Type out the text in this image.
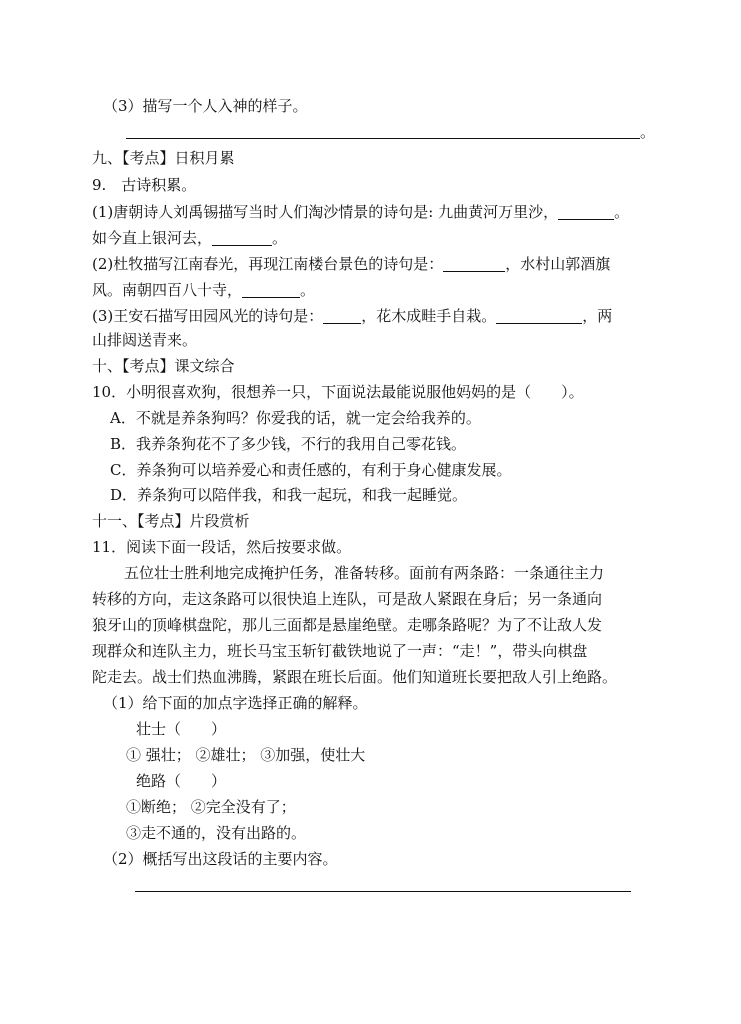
（3）描写一个人入神的样子。
。
九、【考点】日积月累
9.　古诗积累。
(1)唐朝诗人刘禹锡描写当时人们淘沙情景的诗句是: 九曲黄河万里沙，	。
如今直上银河去，	。
(2)杜牧描写江南春光，再现江南楼台景色的诗句是：	，水村山郭酒旗
风。南朝四百八十寺，	。
(3)王安石描写田园风光的诗句是：	，花木成畦手自栽。	，两
山排闼送青来。
十、【考点】课文综合
10．小明很喜欢狗，很想养一只，下面说法最能说服他妈妈的是（　　）。
A．不就是养条狗吗？你爱我的话，就一定会给我养的。
B．我养条狗花不了多少钱，不行的我用自己零花钱。
C．养条狗可以培养爱心和责任感的，有利于身心健康发展。
D．养条狗可以陪伴我，和我一起玩，和我一起睡觉。
十一、【考点】片段赏析
11．阅读下面一段话，然后按要求做。
五位壮士胜利地完成掩护任务，准备转移。面前有两条路：一条通往主力
转移的方向，走这条路可以很快追上连队，可是敌人紧跟在身后；另一条通向
狼牙山的顶峰棋盘陀，那儿三面都是悬崖绝壁。走哪条路呢？为了不让敌人发
现群众和连队主力，班长马宝玉斩钉截铁地说了一声：“走！”，带头向棋盘
陀走去。战士们热血沸腾，紧跟在班长后面。他们知道班长要把敌人引上绝路。
（1）给下面的加点字选择正确的解释。
壮士（　　）
① 强壮； ②雄壮； ③加强，使壮大
绝路（　　）
①断绝； ②完全没有了；
③走不通的，没有出路的。
（2）概括写出这段话的主要内容。
